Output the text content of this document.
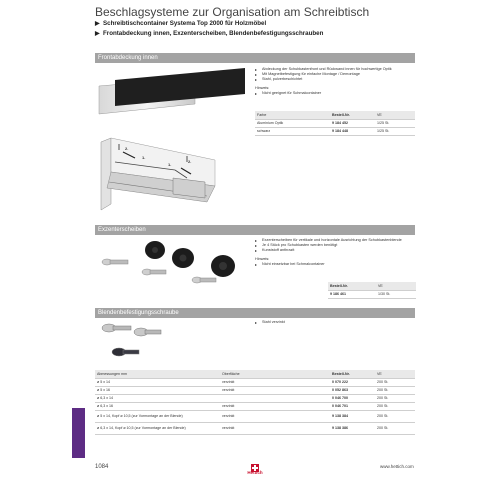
Beschlagsysteme zur Organisation am Schreibtisch
▶ Schreibtischcontainer Systema Top 2000 für Holzmöbel
▶ Frontabdeckung innen, Exzenterscheiben, Blendenbefestigungsschrauben
Frontabdeckung innen
2.
1.
1.
2.
▸ Abdeckung der Schubkastenfront und Rückwand innen für hochwertige Optik
▸ Mit Magnetbefestigung für einfache Montage / Demontage
▸ Stahl, pulverbeschichtet
Hinweis:
▸ Nicht geeignet für Schmalcontainer
Farbe	Bestell-Nr.	VE
Aluminium Optik	9 184 452	1/25 St.
schwarz	9 184 448	1/25 St.
Exzenterscheiben
▸ Exzenterscheiben für vertikale und horizontale Ausrichtung der Schubkastenblende
▸ Je 4 Stück pro Schubkasten werden benötigt
▸ Kunststoff anthrazit
Hinweis:
▸ Nicht einsetzbar bei Schmalcontainer
Bestell-Nr.	VE
9 186 461	1/30 St.
Blendenbefestigungsschraube
▸ Stahl verzinkt
Abmessungen mm	Oberfläche	Bestell-Nr.	VE
ø 5 x 14	verzinkt	0 070 222	200 St.
ø 5 x 16	verzinkt	0 052 863	200 St.
ø 6,3 x 14		0 046 700	200 St.
ø 6,3 x 16	verzinkt	0 046 701	200 St.
ø 5 x 14, Kopf ø 10,5 (zur Vormontage an der Blende)	verzinkt	9 138 384	200 St.
ø 6,3 x 14, Kopf ø 10,5 (zur Vormontage an der Blende)	verzinkt	9 138 386	200 St.
1084
Hettich
www.hettich.com
